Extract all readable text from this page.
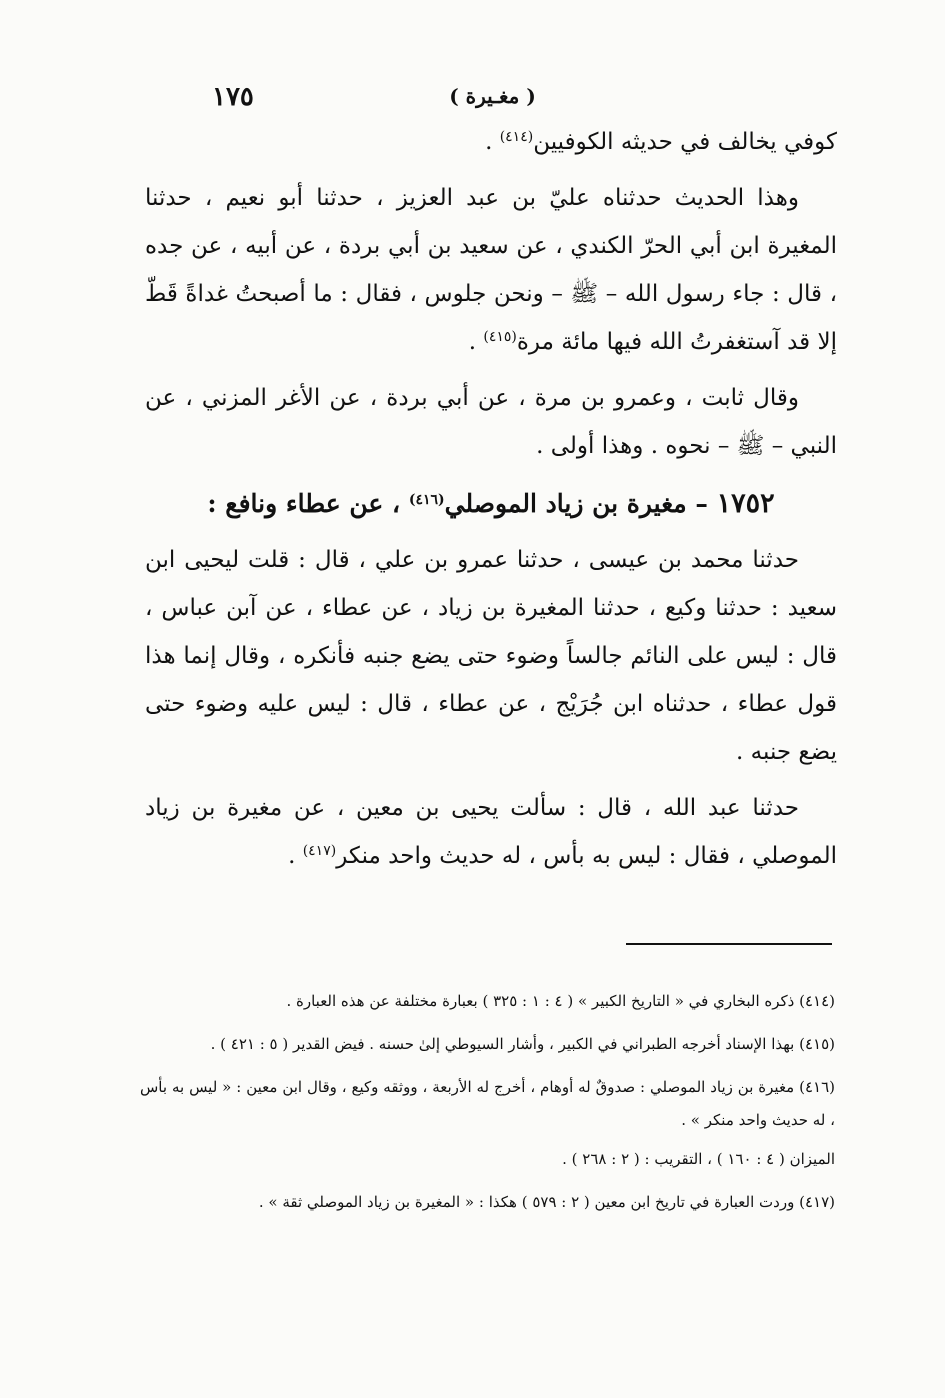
١٧٥	( مغـيرة )

كوفي يخالف في حديثه الكوفيين$^{(٤١٤)}$ .

وهذا الحديث حدثناه عليّ بن عبد العزيز ، حدثنا أبو نعيم ، حدثنا المغيرة ابن أبي الحرّ الكندي ، عن سعيد بن أبي بردة ، عن أبيه ، عن جده ، قال : جاء رسول الله – ﷺ – ونحن جلوس ، فقال : ما أصبحتُ غداةً قَطّ إلا قد آستغفرتُ الله فيها مائة مرة$^{(٤١٥)}$ .

وقال ثابت ، وعمرو بن مرة ، عن أبي بردة ، عن الأغر المزني ، عن النبي – ﷺ – نحوه . وهذا أولى .

١٧٥٢ – مغيرة بن زياد الموصلي$^{(٤١٦)}$ ، عن عطاء ونافع :

حدثنا محمد بن عيسى ، حدثنا عمرو بن علي ، قال : قلت ليحيى ابن سعيد : حدثنا وكيع ، حدثنا المغيرة بن زياد ، عن عطاء ، عن آبن عباس ، قال : ليس على النائم جالساً وضوء حتى يضع جنبه فأنكره ، وقال إنما هذا قول عطاء ، حدثناه ابن جُرَيْج ، عن عطاء ، قال : ليس عليه وضوء حتى يضع جنبه .

حدثنا عبد الله ، قال : سألت يحيى بن معين ، عن مغيرة بن زياد الموصلي ، فقال : ليس به بأس ، له حديث واحد منكر$^{(٤١٧)}$ .

(٤١٤) ذكره البخاري في « التاريخ الكبير » ( ٤ : ١ : ٣٢٥ ) بعبارة مختلفة عن هذه العبارة .

(٤١٥) بهذا الإسناد أخرجه الطبراني في الكبير ، وأشار السيوطي إلىٰ حسنه . فيض القدير ( ٥ : ٤٢١ ) .

(٤١٦) مغيرة بن زياد الموصلي : صدوقٌ له أوهام ، أخرج له الأربعة ، ووثقه وكيع ، وقال ابن معين : « ليس به بأس ، له حديث واحد منكر » .

الميزان ( ٤ : ١٦٠ ) ، التقريب : ( ٢ : ٢٦٨ ) .

(٤١٧) وردت العبارة في تاريخ ابن معين ( ٢ : ٥٧٩ ) هكذا : « المغيرة بن زياد الموصلي ثقة » .
